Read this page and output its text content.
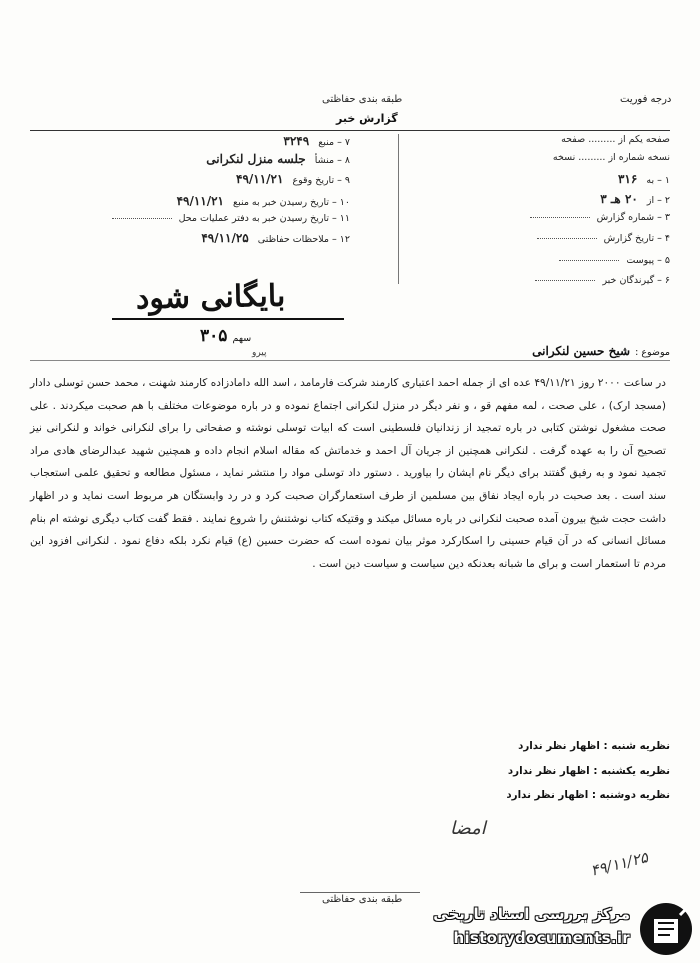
طبقه بندی حفاظتی
گزارش خبر
درجه فوریت
۷ – منبع ۳۲۴۹
۸ – منشأ جلسه منزل لنکرانی
۹ – تاریخ وقوع ۴۹/۱۱/۲۱
۱۰ – تاریخ رسیدن خبر به منبع ۴۹/۱۱/۲۱
۱۱ – تاریخ رسیدن خبر به دفتر عملیات محل
۱۲ – ملاحظات حفاظتی ۴۹/۱۱/۲۵
صفحه یکم از ......... صفحه
نسخه شماره از ......... نسخه
۱ – به ۳۱۶
۲ – از ۲۰ هـ ۳
۳ – شماره گزارش
۴ – تاریخ گزارش
۵ – پیوست
۶ – گیرندگان خبر
بایگانی شود
سهم ۳۰۵
پیرو	موضوع : شیخ حسین لنکرانی

در ساعت ۲۰۰۰ روز ۴۹/۱۱/۲۱ عده ای از جمله احمد اعتباری کارمند شرکت فارمامد ، اسد الله دامادزاده کارمند شهنت ، محمد حسن توسلی دادار (مسجد ارک) ، علی صحت ، لمه مفهم قو ، و نفر دیگر در منزل لنکرانی اجتماع نموده و در باره موضوعات مختلف با هم صحبت میکردند . علی صحت مشغول نوشتن کتابی در باره تمجید از زندانیان فلسطینی است که ابیات توسلی نوشته و صفحاتی را برای لنکرانی خواند و لنکرانی نیز تصحیح آن را به عهده گرفت . لنکرانی همچنین از جریان آل احمد و خدماتش که مقاله اسلام انجام داده و همچنین شهید عبدالرضای هادی مراد تجمید نمود و به رفیق گفتند برای دیگر نام ایشان را بیاورید . دستور داد توسلی مواد را منتشر نماید ، مسئول مطالعه و تحقیق علمی استعجاب سند است . بعد صحبت در باره ایجاد نفاق بین مسلمین از طرف استعمارگران صحبت کرد و در رد وابستگان هر مربوط است نماید و در اظهار داشت حجت شیخ بیرون آمده صحبت لنکرانی در باره مسائل میکند و وقتیکه کتاب نوشتنش را شروع نمایند . فقط گفت کتاب دیگری نوشته ام بنام مسائل انسانی که در آن قیام حسینی را اسکارکرد موثر بیان نموده است که حضرت حسین (ع) قیام نکرد بلکه دفاع نمود . لنکرانی افزود این مردم تا استعمار است و برای ما شبانه بعدنکه دین سیاست و سیاست دین است .

نظریه شنبه : اظهار نظر ندارد
نظریه یکشنبه : اظهار نظر ندارد
نظریه دوشنبه : اظهار نظر ندارد
امضا
۴۹/۱۱/۲۵
طبقه بندی حفاظتی
مرکز بررسی اسناد تاریخی
historydocuments.ir
